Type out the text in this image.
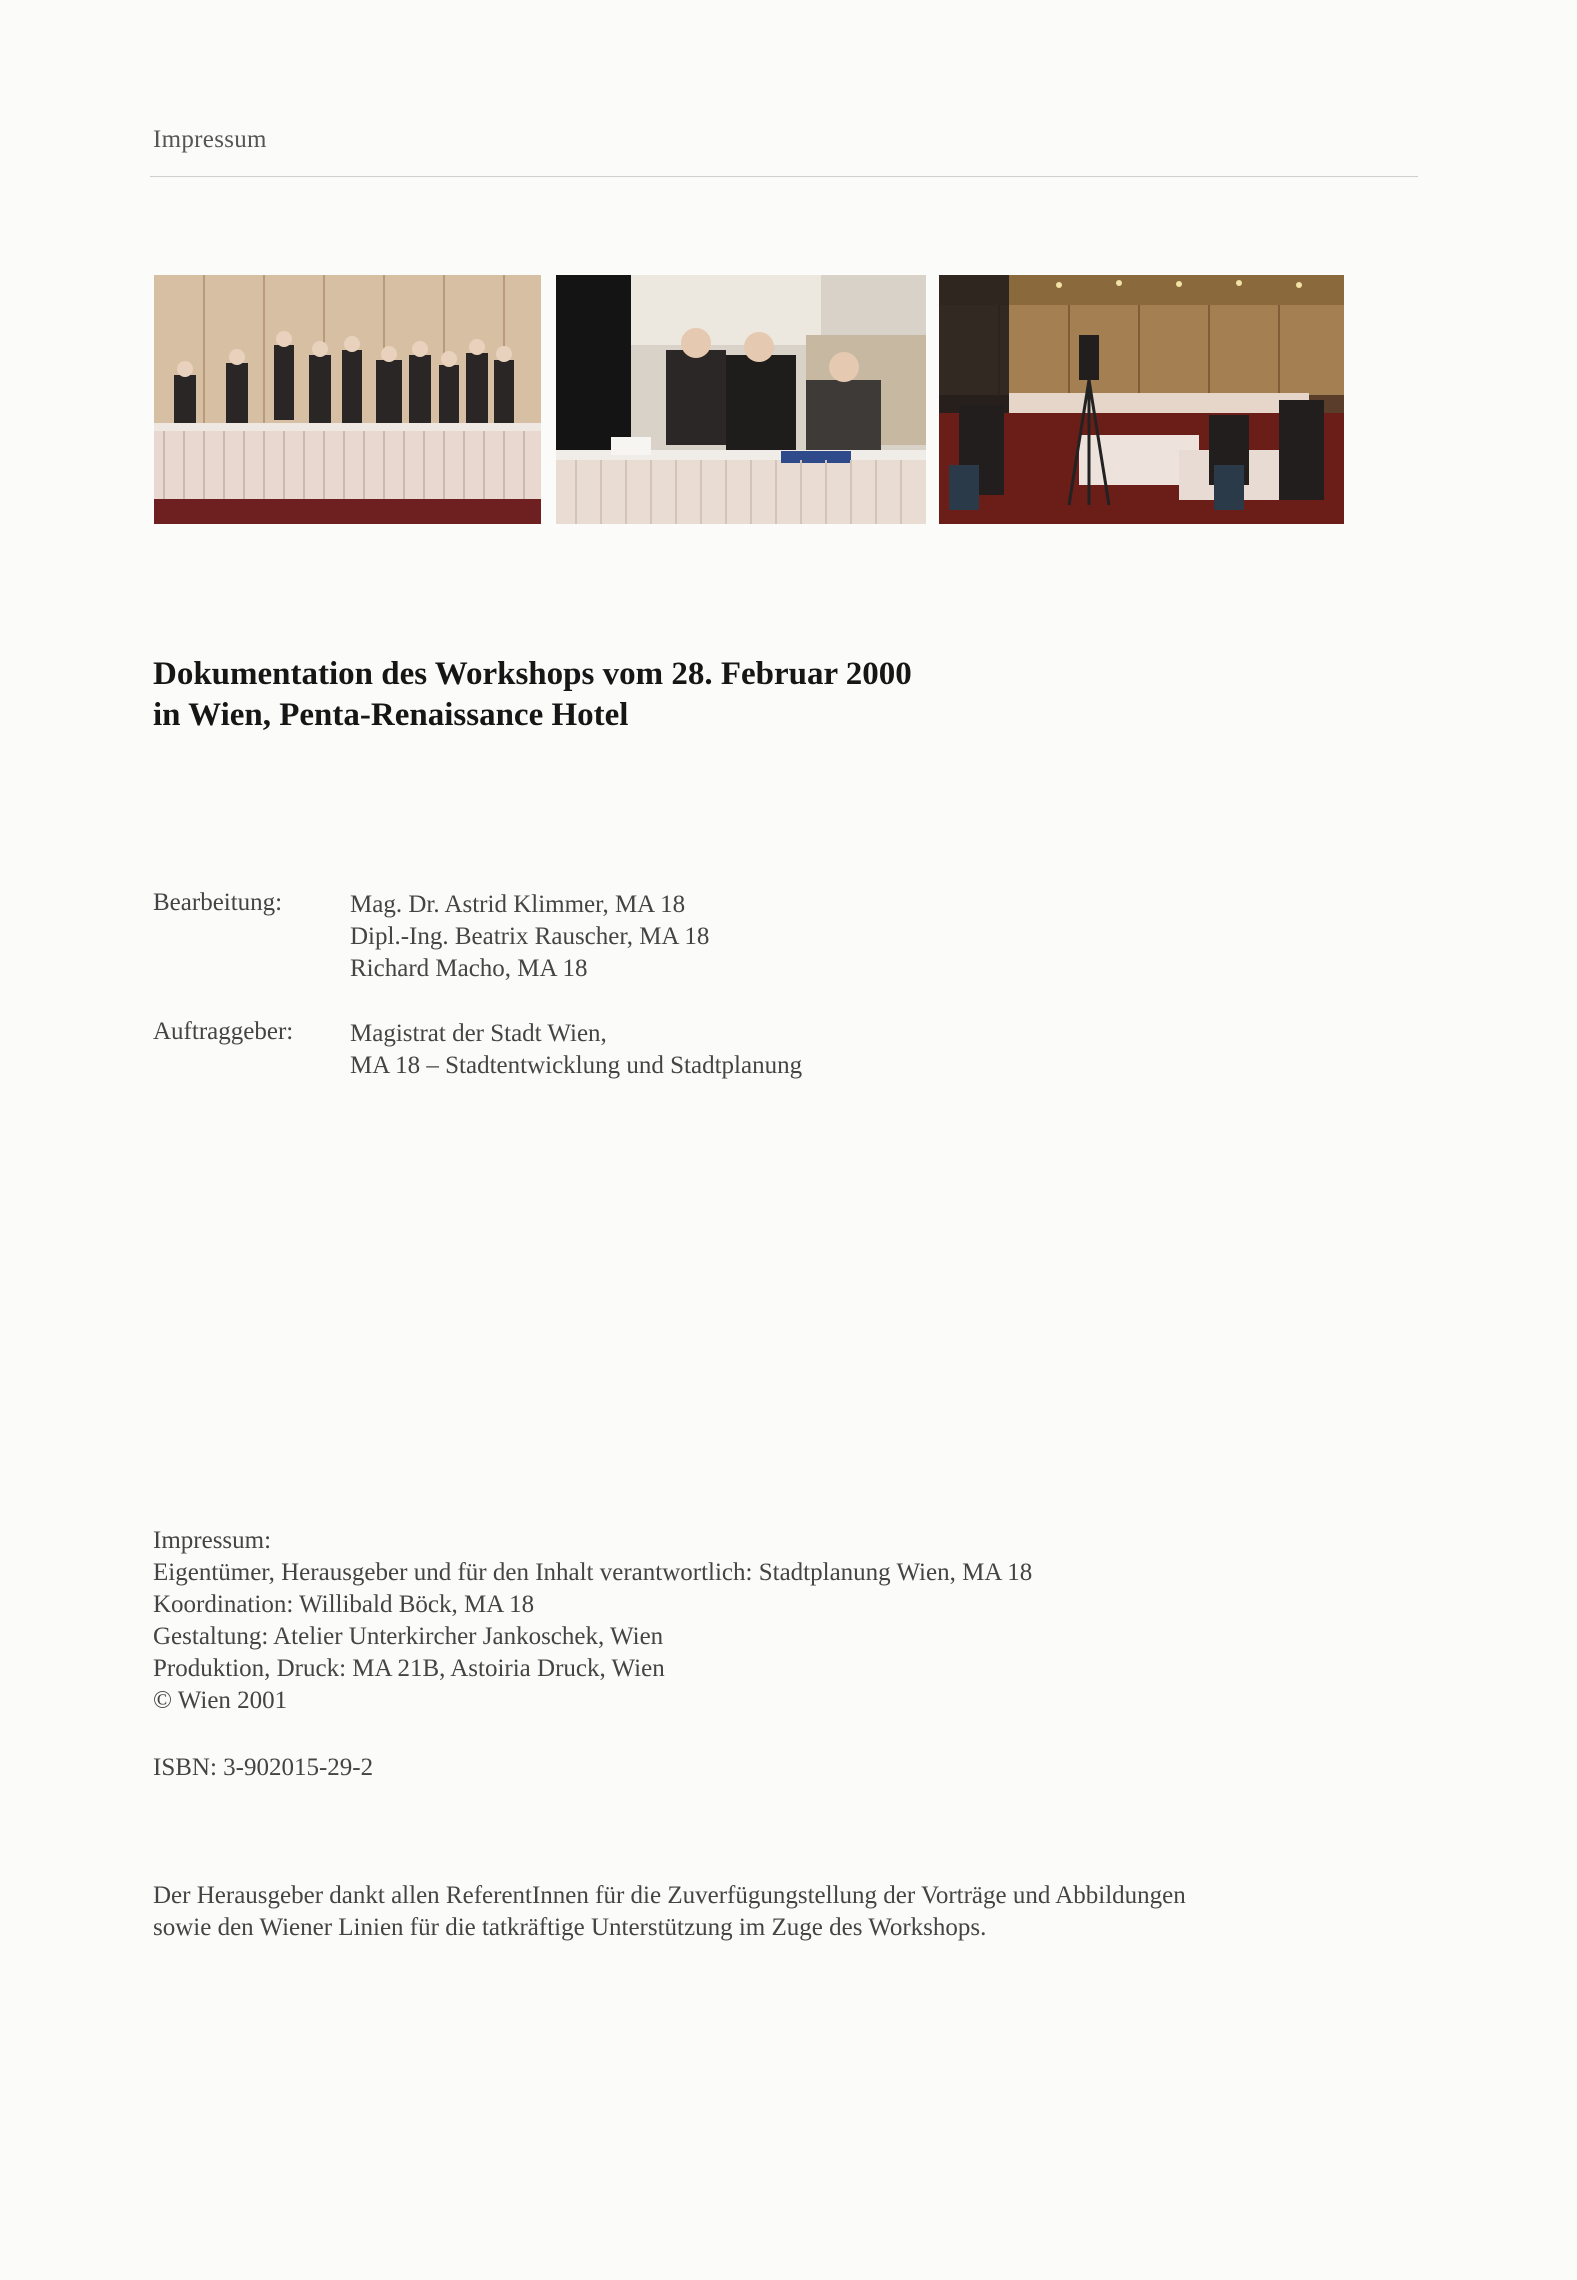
Impressum
Dokumentation des Workshops vom 28. Februar 2000
in Wien, Penta-Renaissance Hotel
Bearbeitung:	Mag. Dr. Astrid Klimmer, MA 18
Dipl.-Ing. Beatrix Rauscher, MA 18
Richard Macho, MA 18
Auftraggeber: Magistrat der Stadt Wien,
MA 18 – Stadtentwicklung und Stadtplanung
Impressum:
Eigentümer, Herausgeber und für den Inhalt verantwortlich: Stadtplanung Wien, MA 18
Koordination: Willibald Böck, MA 18
Gestaltung: Atelier Unterkircher Jankoschek, Wien
Produktion, Druck: MA 21B, Astoiria Druck, Wien
© Wien 2001
ISBN: 3-902015-29-2
Der Herausgeber dankt allen ReferentInnen für die Zuverfügungstellung der Vorträge und Abbildungen
sowie den Wiener Linien für die tatkräftige Unterstützung im Zuge des Workshops.
